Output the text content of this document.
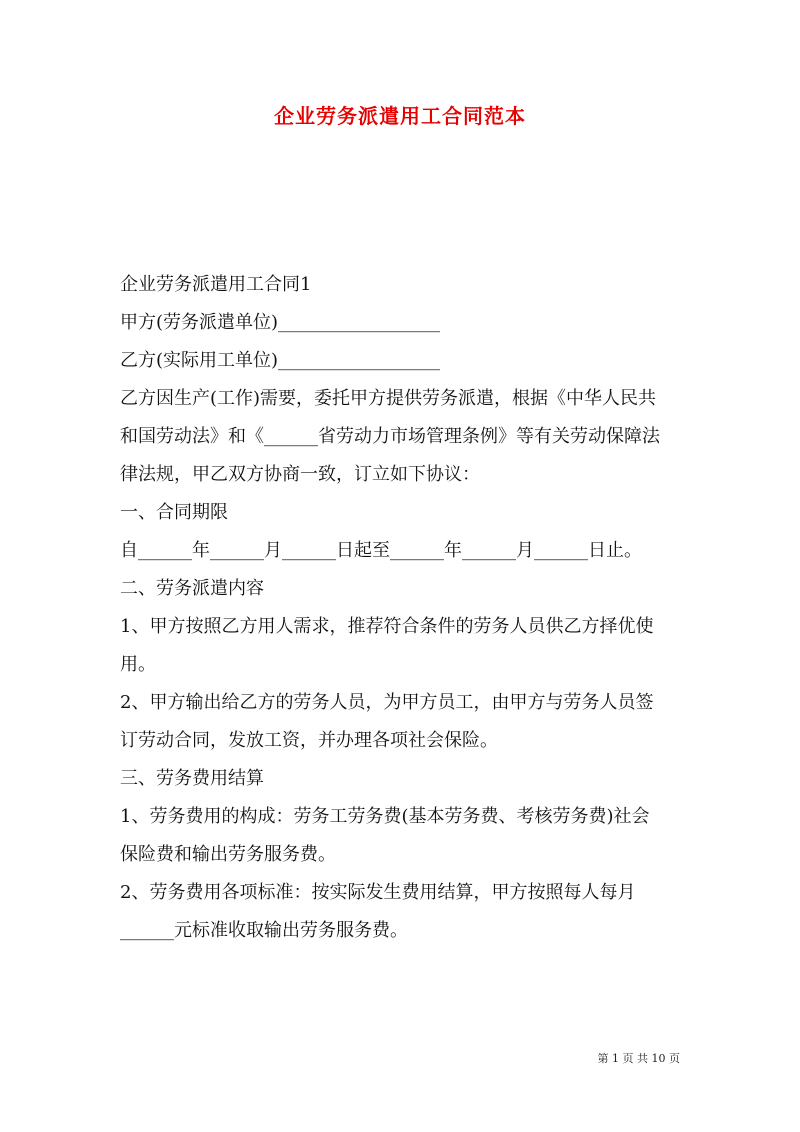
企业劳务派遣用工合同范本
企业劳务派遣用工合同1
甲方(劳务派遣单位)__________________
乙方(实际用工单位)__________________
乙方因生产(工作)需要，委托甲方提供劳务派遣，根据《中华人民共
和国劳动法》和《______省劳动力市场管理条例》等有关劳动保障法
律法规，甲乙双方协商一致，订立如下协议：
一、合同期限
自______年______月______日起至______年______月______日止。
二、劳务派遣内容
1、甲方按照乙方用人需求，推荐符合条件的劳务人员供乙方择优使
用。
2、甲方输出给乙方的劳务人员，为甲方员工，由甲方与劳务人员签
订劳动合同，发放工资，并办理各项社会保险。
三、劳务费用结算
1、劳务费用的构成：劳务工劳务费(基本劳务费、考核劳务费)社会
保险费和输出劳务服务费。
2、劳务费用各项标准：按实际发生费用结算，甲方按照每人每月
______元标准收取输出劳务服务费。
第 1 页 共 10 页
